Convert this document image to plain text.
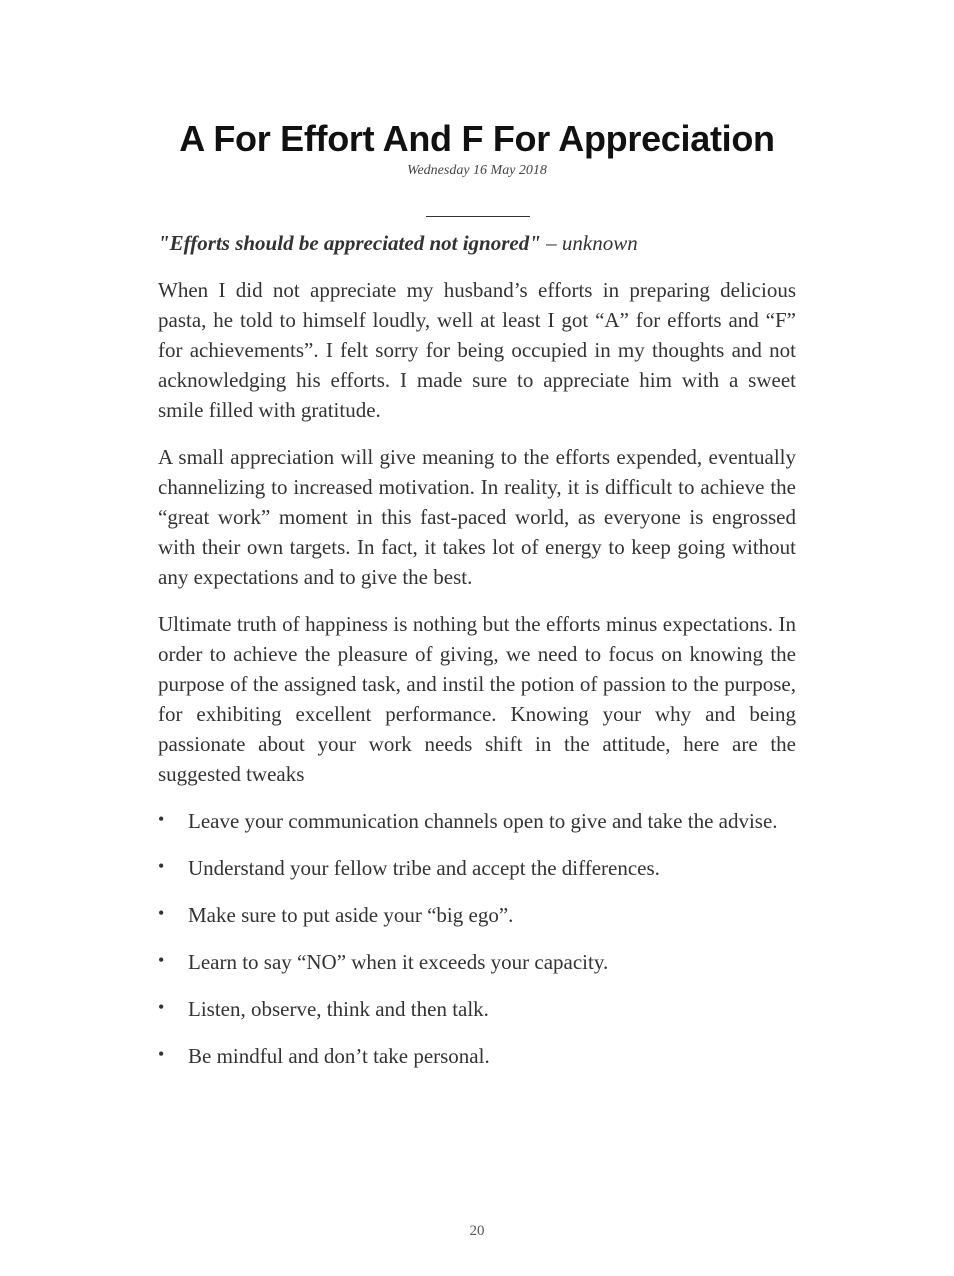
A For Effort And F For Appreciation
Wednesday 16 May 2018
"Efforts should be appreciated not ignored" – unknown

When I did not appreciate my husband’s efforts in preparing delicious pasta, he told to himself loudly, well at least I got “A” for efforts and “F” for achievements”. I felt sorry for being occupied in my thoughts and not acknowledging his efforts. I made sure to appreciate him with a sweet smile filled with gratitude.

A small appreciation will give meaning to the efforts expended, eventually channelizing to increased motivation. In reality, it is difficult to achieve the “great work” moment in this fast-paced world, as everyone is engrossed with their own targets. In fact, it takes lot of energy to keep going without any expectations and to give the best.

Ultimate truth of happiness is nothing but the efforts minus expectations. In order to achieve the pleasure of giving, we need to focus on knowing the purpose of the assigned task, and instil the potion of passion to the purpose, for exhibiting excellent performance. Knowing your why and being passionate about your work needs shift in the attitude, here are the suggested tweaks

• Leave your communication channels open to give and take the advise.
• Understand your fellow tribe and accept the differences.
• Make sure to put aside your “big ego”.
• Learn to say “NO” when it exceeds your capacity.
• Listen, observe, think and then talk.
• Be mindful and don’t take personal.
20
